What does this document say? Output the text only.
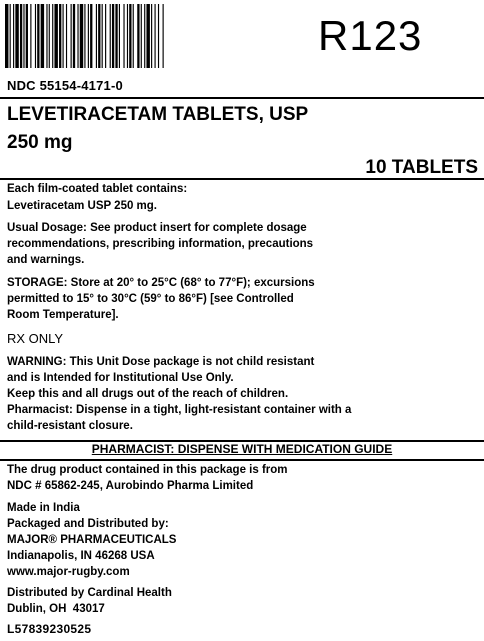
NDC 55154-4171-0
R123
LEVETIRACETAM TABLETS, USP
250 mg
10 TABLETS
Each film-coated tablet contains:
Levetiracetam USP 250 mg.
Usual Dosage: See product insert for complete dosage
recommendations, prescribing information, precautions
and warnings.
STORAGE: Store at 20° to 25°C (68° to 77°F); excursions
permitted to 15° to 30°C (59° to 86°F) [see Controlled
Room Temperature].
RX ONLY
WARNING: This Unit Dose package is not child resistant
and is Intended for Institutional Use Only.
Keep this and all drugs out of the reach of children.
Pharmacist: Dispense in a tight, light-resistant container with a
child-resistant closure.
PHARMACIST: DISPENSE WITH MEDICATION GUIDE
The drug product contained in this package is from
NDC # 65862-245, Aurobindo Pharma Limited
Made in India
Packaged and Distributed by:
MAJOR® PHARMACEUTICALS
Indianapolis, IN 46268 USA
www.major-rugby.com
Distributed by Cardinal Health
Dublin, OH  43017
L57839230525
